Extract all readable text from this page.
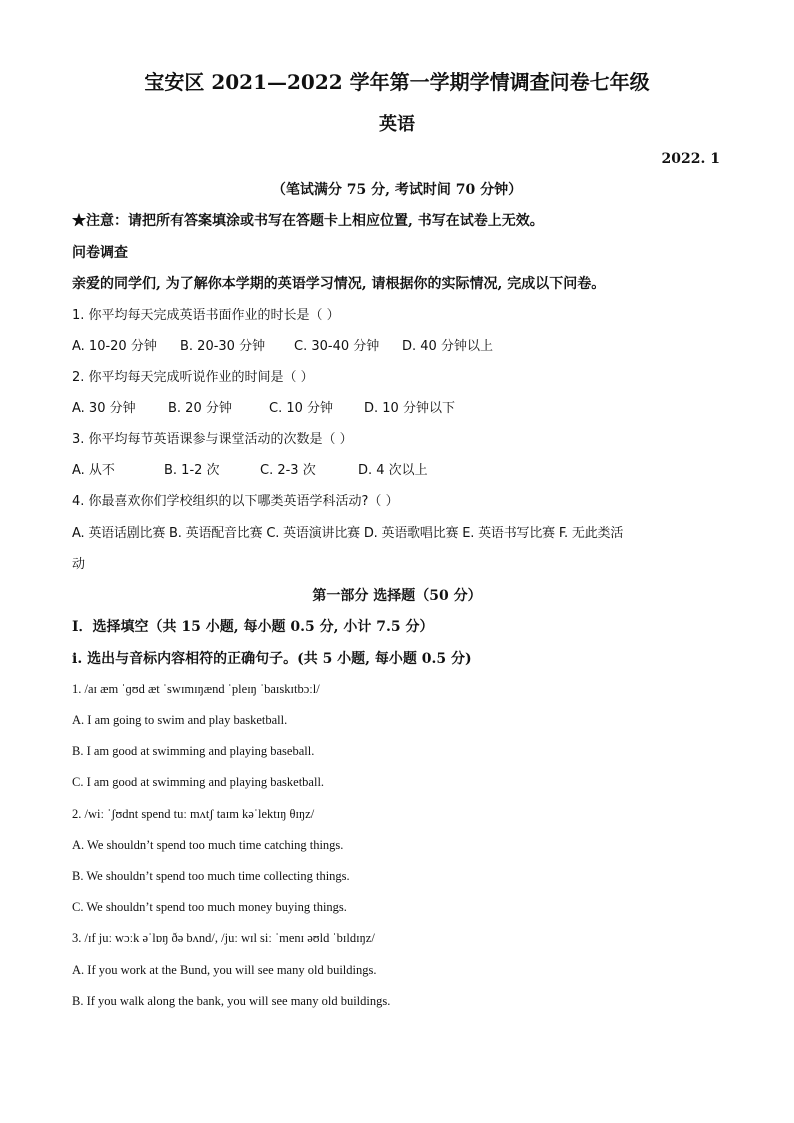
宝安区 2021—2022 学年第一学期学情调查问卷七年级
英语
2022. 1
（笔试满分 75 分, 考试时间 70 分钟）
★注意：请把所有答案填涂或书写在答题卡上相应位置, 书写在试卷上无效。
问卷调查
亲爱的同学们, 为了解你本学期的英语学习情况, 请根据你的实际情况, 完成以下问卷。
1. 你平均每天完成英语书面作业的时长是（ ）
A. 10-20 分钟 B. 20-30 分钟 C. 30-40 分钟 D. 40 分钟以上
2. 你平均每天完成听说作业的时间是（ ）
A. 30 分钟 B. 20 分钟	C. 10 分钟 D. 10 分钟以下
3. 你平均每节英语课参与课堂活动的次数是（ ）
A. 从不	B. 1-2 次	C. 2-3 次	D. 4 次以上
4. 你最喜欢你们学校组织的以下哪类英语学科活动?（ ）
A. 英语话剧比赛 B. 英语配音比赛 C. 英语演讲比赛 D. 英语歌唱比赛 E. 英语书写比赛 F. 无此类活
动
第一部分 选择题（50 分）
I．选择填空（共 15 小题, 每小题 0.5 分, 小计 7.5 分）
i. 选出与音标内容相符的正确句子。(共 5 小题, 每小题 0.5 分)
1. /aɪ æm ˈɡʊd æt ˈswɪmɪŋænd ˈpleɪŋ ˈbaɪskɪtbɔːl/
A. I am going to swim and play basketball.
B. I am good at swimming and playing baseball.
C. I am good at swimming and playing basketball.
2. /wiː ˈʃʊdnt spend tuː mʌtʃ taɪm kəˈlektɪŋ θɪŋz/
A. We shouldn’t spend too much time catching things.
B. We shouldn’t spend too much time collecting things.
C. We shouldn’t spend too much money buying things.
3. /ɪf juː wɔːk əˈlɒŋ ðə bʌnd/, /juː wɪl siː ˈmenɪ əʊld ˈbɪldɪŋz/
A. If you work at the Bund, you will see many old buildings.
B. If you walk along the bank, you will see many old buildings.
